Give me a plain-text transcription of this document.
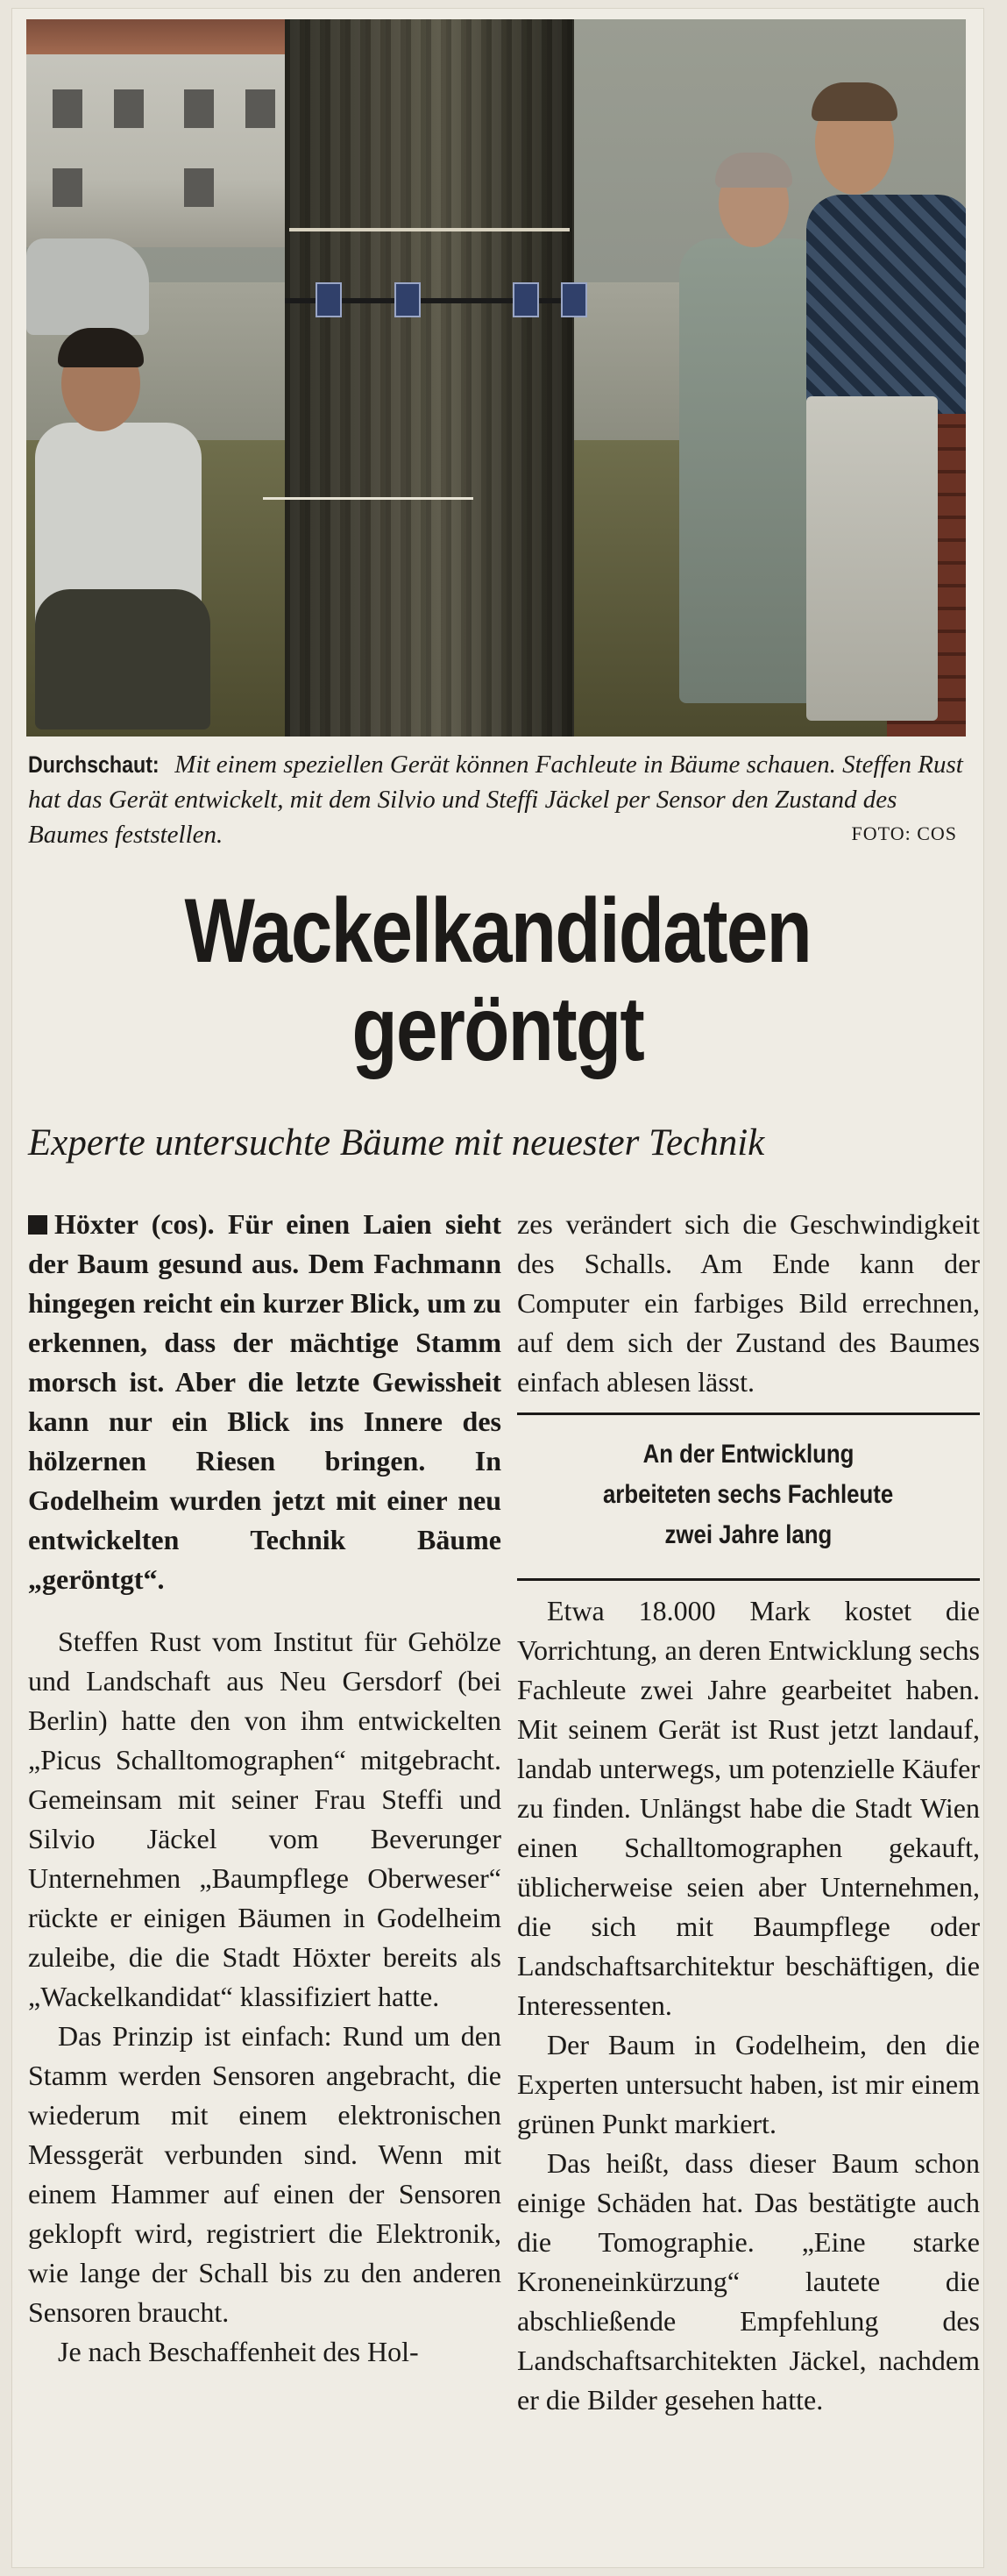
Durchschaut: Mit einem speziellen Gerät können Fachleute in Bäume schauen. Steffen Rust hat das Gerät entwickelt, mit dem Silvio und Steffi Jäckel per Sensor den Zustand des Baumes feststellen.	FOTO: COS
Wackelkandidaten
geröntgt
Experte untersuchte Bäume mit neuester Technik

Höxter (cos). Für einen Laien sieht der Baum gesund aus. Dem Fachmann hingegen reicht ein kurzer Blick, um zu erkennen, dass der mächtige Stamm morsch ist. Aber die letzte Gewissheit kann nur ein Blick ins Innere des hölzernen Riesen bringen. In Godelheim wurden jetzt mit einer neu entwickelten Technik Bäume „geröntgt“.

Steffen Rust vom Institut für Gehölze und Landschaft aus Neu Gersdorf (bei Berlin) hatte den von ihm entwickelten „Picus Schalltomographen“ mitgebracht. Gemeinsam mit seiner Frau Steffi und Silvio Jäckel vom Beverunger Unternehmen „Baumpflege Oberweser“ rückte er einigen Bäumen in Godelheim zuleibe, die die Stadt Höxter bereits als „Wackelkandidat“ klassifiziert hatte.

Das Prinzip ist einfach: Rund um den Stamm werden Sensoren angebracht, die wiederum mit einem elektronischen Messgerät verbunden sind. Wenn mit einem Hammer auf einen der Sensoren geklopft wird, registriert die Elektronik, wie lange der Schall bis zu den anderen Sensoren braucht.

Je nach Beschaffenheit des Hol-

zes verändert sich die Geschwindigkeit des Schalls. Am Ende kann der Computer ein farbiges Bild errechnen, auf dem sich der Zustand des Baumes einfach ablesen lässt.

An der Entwicklung
arbeiteten sechs Fachleute
zwei Jahre lang

Etwa 18.000 Mark kostet die Vorrichtung, an deren Entwicklung sechs Fachleute zwei Jahre gearbeitet haben. Mit seinem Gerät ist Rust jetzt landauf, landab unterwegs, um potenzielle Käufer zu finden. Unlängst habe die Stadt Wien einen Schalltomographen gekauft, üblicherweise seien aber Unternehmen, die sich mit Baumpflege oder Landschaftsarchitektur beschäftigen, die Interessenten.

Der Baum in Godelheim, den die Experten untersucht haben, ist mir einem grünen Punkt markiert.

Das heißt, dass dieser Baum schon einige Schäden hat. Das bestätigte auch die Tomographie. „Eine starke Kroneneinkürzung“ lautete die abschließende Empfehlung des Landschaftsarchitekten Jäckel, nachdem er die Bilder gesehen hatte.
